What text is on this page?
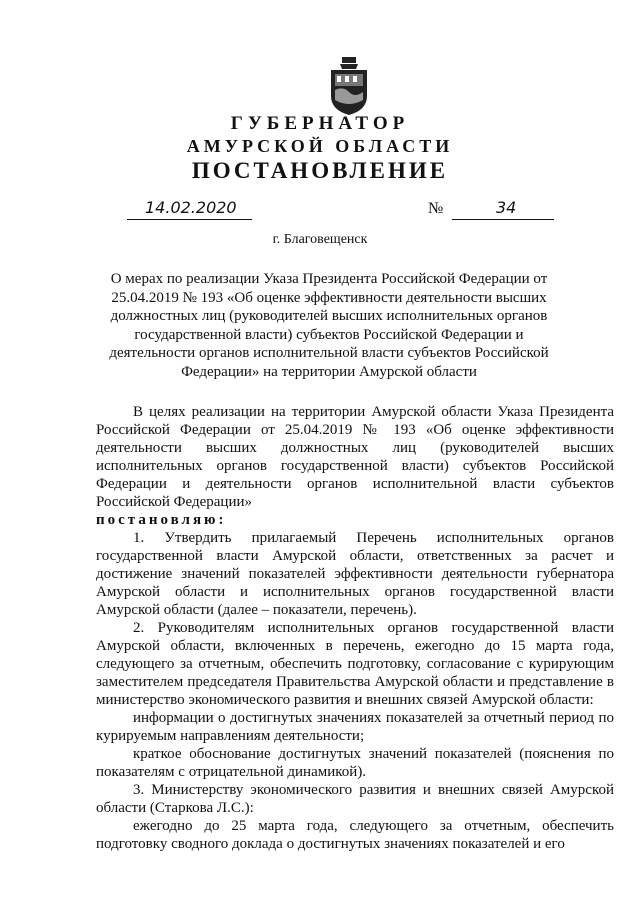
ГУБЕРНАТОР
АМУРСКОЙ ОБЛАСТИ
ПОСТАНОВЛЕНИЕ
14.02.2020	№	34
г. Благовещенск
О мерах по реализации Указа Президента Российской Федерации от 25.04.2019 № 193 «Об оценке эффективности деятельности высших должностных лиц (руководителей высших исполнительных органов государственной власти) субъектов Российской Федерации и деятельности органов исполнительной власти субъектов Российской Федерации» на территории Амурской области

В целях реализации на территории Амурской области Указа Президента Российской Федерации от 25.04.2019 № 193 «Об оценке эффективности деятельности высших должностных лиц (руководителей высших исполнительных органов государственной власти) субъектов Российской Федерации и деятельности органов исполнительной власти субъектов Российской Федерации»

постановляю:

1. Утвердить прилагаемый Перечень исполнительных органов государственной власти Амурской области, ответственных за расчет и достижение значений показателей эффективности деятельности губернатора Амурской области и исполнительных органов государственной власти Амурской области (далее – показатели, перечень).

2. Руководителям исполнительных органов государственной власти Амурской области, включенных в перечень, ежегодно до 15 марта года, следующего за отчетным, обеспечить подготовку, согласование с курирующим заместителем председателя Правительства Амурской области и представление в министерство экономического развития и внешних связей Амурской области:

информации о достигнутых значениях показателей за отчетный период по курируемым направлениям деятельности;

краткое обоснование достигнутых значений показателей (пояснения по показателям с отрицательной динамикой).

3. Министерству экономического развития и внешних связей Амурской области (Старкова Л.С.):

ежегодно до 25 марта года, следующего за отчетным, обеспечить подготовку сводного доклада о достигнутых значениях показателей и его
